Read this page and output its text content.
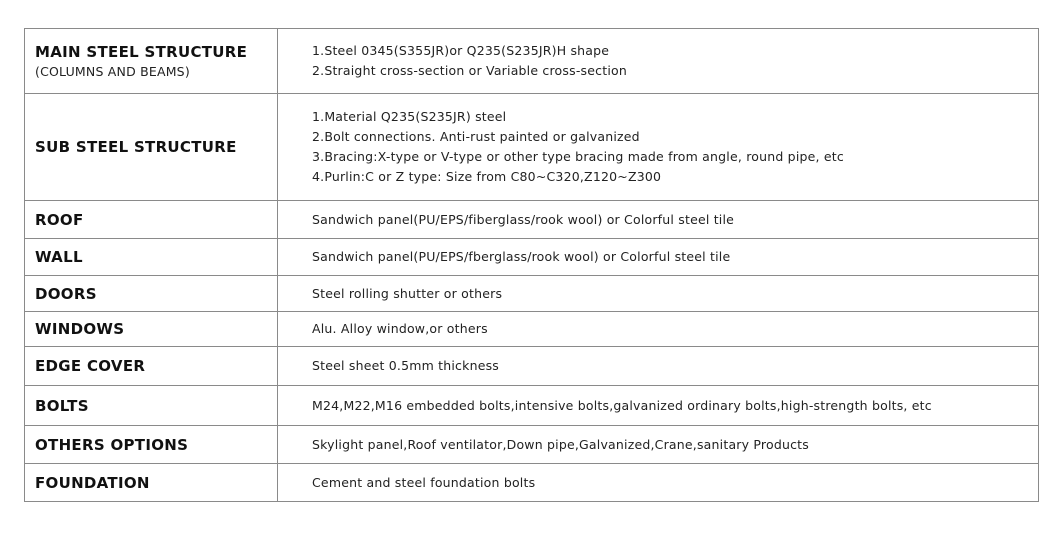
MAIN STEEL STRUCTURE
(COLUMNS AND BEAMS)	1.Steel 0345(S355JR)or Q235(S235JR)H shape
2.Straight cross-section or Variable cross-section

SUB STEEL STRUCTURE	1.Material Q235(S235JR) steel
2.Bolt connections. Anti-rust painted or galvanized
3.Bracing:X-type or V-type or other type bracing made from angle, round pipe, etc
4.Purlin:C or Z type: Size from C80~C320,Z120~Z300

ROOF	Sandwich panel(PU/EPS/fiberglass/rook wool) or Colorful steel tile

WALL	Sandwich panel(PU/EPS/fberglass/rook wool) or Colorful steel tile

DOORS	Steel rolling shutter or others

WINDOWS	Alu. Alloy window,or others

EDGE COVER	Steel sheet 0.5mm thickness

BOLTS	M24,M22,M16 embedded bolts,intensive bolts,galvanized ordinary bolts,high-strength bolts, etc

OTHERS OPTIONS	Skylight panel,Roof ventilator,Down pipe,Galvanized,Crane,sanitary Products

FOUNDATION	Cement and steel foundation bolts
